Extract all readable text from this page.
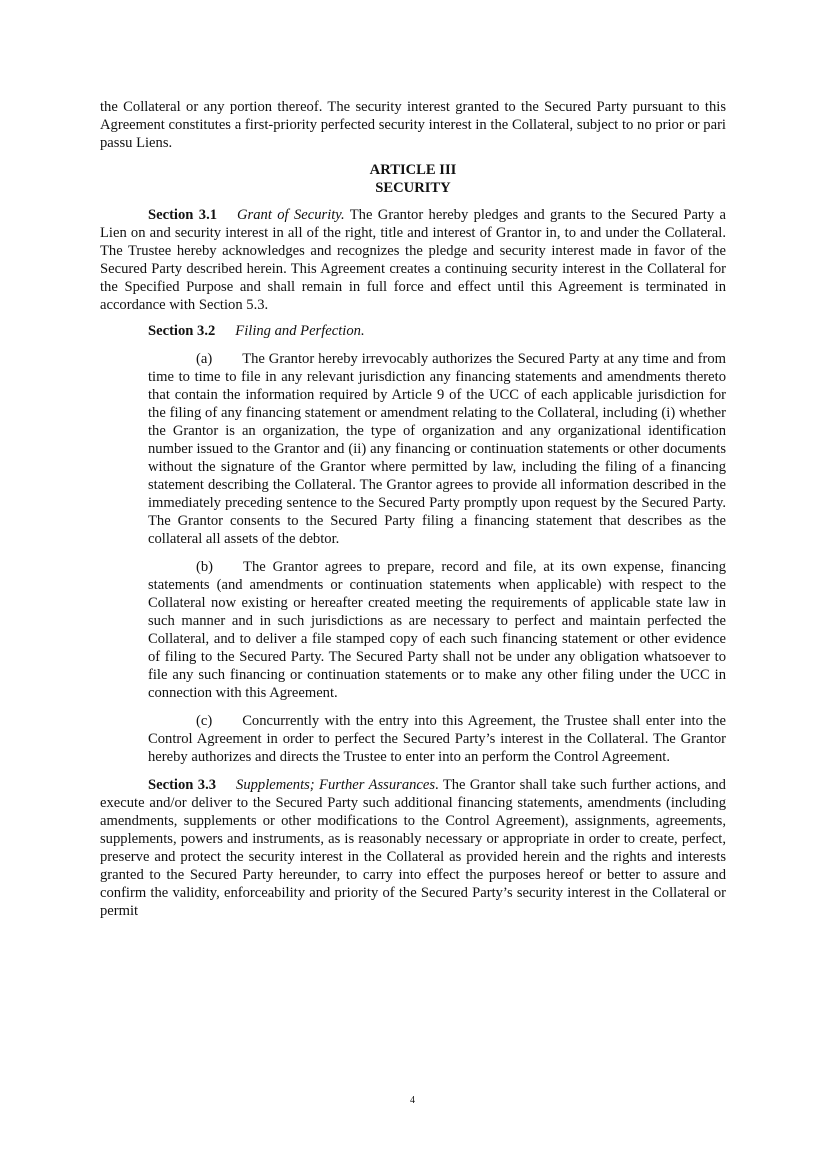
the Collateral or any portion thereof. The security interest granted to the Secured Party pursuant to this Agreement constitutes a first-priority perfected security interest in the Collateral, subject to no prior or pari passu Liens.

ARTICLE III
SECURITY

Section 3.1 Grant of Security. The Grantor hereby pledges and grants to the Secured Party a Lien on and security interest in all of the right, title and interest of Grantor in, to and under the Collateral. The Trustee hereby acknowledges and recognizes the pledge and security interest made in favor of the Secured Party described herein. This Agreement creates a continuing security interest in the Collateral for the Specified Purpose and shall remain in full force and effect until this Agreement is terminated in accordance with Section 5.3.

Section 3.2 Filing and Perfection.

(a) The Grantor hereby irrevocably authorizes the Secured Party at any time and from time to time to file in any relevant jurisdiction any financing statements and amendments thereto that contain the information required by Article 9 of the UCC of each applicable jurisdiction for the filing of any financing statement or amendment relating to the Collateral, including (i) whether the Grantor is an organization, the type of organization and any organizational identification number issued to the Grantor and (ii) any financing or continuation statements or other documents without the signature of the Grantor where permitted by law, including the filing of a financing statement describing the Collateral. The Grantor agrees to provide all information described in the immediately preceding sentence to the Secured Party promptly upon request by the Secured Party. The Grantor consents to the Secured Party filing a financing statement that describes as the collateral all assets of the debtor.

(b) The Grantor agrees to prepare, record and file, at its own expense, financing statements (and amendments or continuation statements when applicable) with respect to the Collateral now existing or hereafter created meeting the requirements of applicable state law in such manner and in such jurisdictions as are necessary to perfect and maintain perfected the Collateral, and to deliver a file stamped copy of each such financing statement or other evidence of filing to the Secured Party. The Secured Party shall not be under any obligation whatsoever to file any such financing or continuation statements or to make any other filing under the UCC in connection with this Agreement.

(c) Concurrently with the entry into this Agreement, the Trustee shall enter into the Control Agreement in order to perfect the Secured Party’s interest in the Collateral. The Grantor hereby authorizes and directs the Trustee to enter into an perform the Control Agreement.

Section 3.3 Supplements; Further Assurances. The Grantor shall take such further actions, and execute and/or deliver to the Secured Party such additional financing statements, amendments (including amendments, supplements or other modifications to the Control Agreement), assignments, agreements, supplements, powers and instruments, as is reasonably necessary or appropriate in order to create, perfect, preserve and protect the security interest in the Collateral as provided herein and the rights and interests granted to the Secured Party hereunder, to carry into effect the purposes hereof or better to assure and confirm the validity, enforceability and priority of the Secured Party’s security interest in the Collateral or permit

4
